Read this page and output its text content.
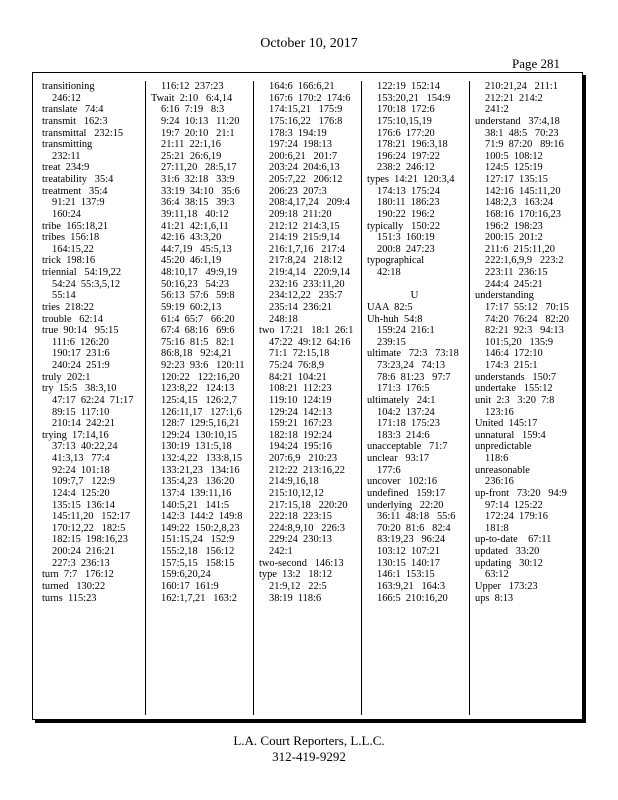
October 10, 2017
Page 281
transitioning
246:12
translate   74:4
transmit   162:3
transmittal   232:15
transmitting
232:11
treat  234:9
treatability   35:4
treatment   35:4
91:21  137:9
160:24
tribe  165:18,21
tribes  156:18
164:15,22
trick  198:16
triennial   54:19,22
54:24  55:3,5,12
55:14
tries  218:22
trouble   62:14
true  90:14   95:15
111:6  126:20
190:17  231:6
240:24  251:9
truly  202:1
try  15:5   38:3,10
47:17  62:24  71:17
89:15  117:10
210:14  242:21
trying  17:14,16
37:13  40:22,24
41:3,13   77:4
92:24  101:18
109:7,7   122:9
124:4  125:20
135:15  136:14
145:11,20   152:17
170:12,22   182:5
182:15  198:16,23
200:24  216:21
227:3  236:13
turn  7:7   176:12
turned   130:22
turns  115:23
116:12  237:23
Twait  2:10   6:4,14
6:16  7:19   8:3
9:24  10:13   11:20
19:7  20:10   21:1
21:11  22:1,16
25:21  26:6,19
27:11,20   28:5,17
31:6  32:18   33:9
33:19  34:10   35:6
36:4  38:15   39:3
39:11,18   40:12
41:21  42:1,6,11
42:16  43:3,20
44:7,19   45:5,13
45:20  46:1,19
48:10,17   49:9,19
50:16,23   54:23
56:13  57:6   59:8
59:19  60:2,13
61:4  65:7   66:20
67:4  68:16   69:6
75:16  81:5   82:1
86:8,18   92:4,21
92:23  93:6   120:11
120:22   122:16,20
123:8,22   124:13
125:4,15   126:2,7
126:11,17   127:1,6
128:7  129:5,16,21
129:24  130:10,15
130:19  131:5,18
132:4,22   133:8,15
133:21,23   134:16
135:4,23   136:20
137:4  139:11,16
140:5,21   141:5
142:3  144:2  149:8
149:22  150:2,8,23
151:15,24   152:9
155:2,18   156:12
157:5,15   158:15
159:6,20,24
160:17  161:9
162:1,7,21   163:2
164:6  166:6,21
167:6  170:2  174:6
174:15,21   175:9
175:16,22   176:8
178:3  194:19
197:24  198:13
200:6,21   201:7
203:24  204:6,13
205:7,22   206:12
206:23  207:3
208:4,17,24   209:4
209:18  211:20
212:12  214:3,15
214:19  215:9,14
216:1,7,16   217:4
217:8,24   218:12
219:4,14   220:9,14
232:16  233:11,20
234:12,22   235:7
235:14  236:21
248:18
two  17:21   18:1  26:1
47:22  49:12  64:16
71:1  72:15,18
75:24  76:8,9
84:21  104:21
108:21  112:23
119:10  124:19
129:24  142:13
159:21  167:23
182:18  192:24
194:24  195:16
207:6,9   210:23
212:22  213:16,22
214:9,16,18
215:10,12,12
217:15,18   220:20
222:18  223:15
224:8,9,10   226:3
229:24  230:13
242:1
two-second   146:13
type  13:2   18:12
21:9,12   22:5
38:19  118:6
122:19  152:14
153:20,21   154:9
170:18  172:6
175:10,15,19
176:6  177:20
178:21  196:3,18
196:24  197:22
238:2  246:12
types  14:21  120:3,4
174:13  175:24
180:11  186:23
190:22  196:2
typically   150:22
151:3  160:19
200:8  247:23
typographical
42:18
U
UAA  82:5
Uh-huh  54:8
159:24  216:1
239:15
ultimate   72:3   73:18
73:23,24   74:13
78:6  81:23   97:7
171:3  176:5
ultimately   24:1
104:2  137:24
171:18  175:23
183:3  214:6
unacceptable   71:7
unclear   93:17
177:6
uncover   102:16
undefined   159:17
underlying   22:20
36:11  48:18   55:6
70:20  81:6   82:4
83:19,23   96:24
103:12  107:21
130:15  140:17
146:1  153:15
163:9,21   164:3
166:5  210:16,20
210:21,24   211:1
212:21  214:2
241:2
understand   37:4,18
38:1  48:5   70:23
71:9  87:20   89:16
100:5  108:12
124:5  125:19
127:17  135:15
142:16  145:11,20
148:2,3   163:24
168:16  170:16,23
196:2  198:23
200:15  201:2
211:6  215:11,20
222:1,6,9,9   223:2
223:11  236:15
244:4  245:21
understanding
17:17  55:12   70:15
74:20  76:24   82:20
82:21  92:3   94:13
101:5,20   135:9
146:4  172:10
174:3  215:1
understands   150:7
undertake   155:12
unit  2:3   3:20  7:8
123:16
United  145:17
unnatural   159:4
unpredictable
118:6
unreasonable
236:16
up-front   73:20   94:9
97:14  125:22
172:24  179:16
181:8
up-to-date    67:11
updated   33:20
updating   30:12
63:12
Upper   173:23
ups  8:13
L.A. Court Reporters, L.L.C.
312-419-9292
